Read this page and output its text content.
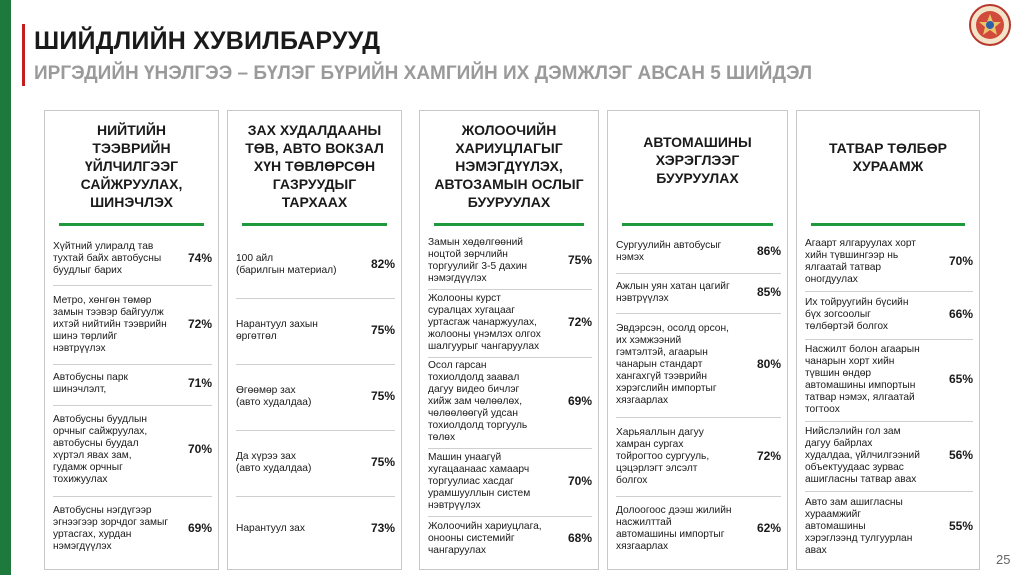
ШИЙДЛИЙН ХУВИЛБАРУУД
ИРГЭДИЙН ҮНЭЛГЭЭ – БҮЛЭГ БҮРИЙН ХАМГИЙН ИХ ДЭМЖЛЭГ АВСАН 5 ШИЙДЭЛ
НИЙТИЙН
ТЭЭВРИЙН
ҮЙЛЧИЛГЭЭГ
САЙЖРУУЛАХ,
ШИНЭЧЛЭХ
Хүйтний улиралд тав
тухтай байх автобусны
буудлыг барих
74%
Метро, хөнгөн төмөр
замын тээвэр байгуулж
ихтэй нийтийн тээврийн
шинэ төрлийг
нэвтрүүлэх
72%
Автобусны парк
шинэчлэлт,	71%
Автобусны буудлын
орчныг сайжруулах,
автобусны буудал
хүртэл явах зам,
гудамж орчныг
тохижуулах
70%
Автобусны нэгдүгээр
эгнээгээр зорчдог замыг
уртасгах, хурдан
нэмэгдүүлэх
69%
ЗАХ ХУДАЛДААНЫ
ТӨВ, АВТО ВОКЗАЛ
ХҮН ТӨВЛӨРСӨН
ГАЗРУУДЫГ
ТАРХААХ
100 айл
(барилгын материал)	82%
Нарантуул захын
өргөтгөл	75%
Өгөөмөр зах
(авто худалдаа)	75%
Да хүрээ зах
(авто худалдаа)	75%
Нарантуул зах	73%
ЖОЛООЧИЙН
ХАРИУЦЛАГЫГ
НЭМЭГДҮҮЛЭХ,
АВТОЗАМЫН ОСЛЫГ
БУУРУУЛАХ
Замын хөдөлгөөний
ноцтой зөрчлийн
торгуулийг 3-5 дахин
нэмэгдүүлэх
75%
Жолооны курст
суралцах хугацааг
уртасгаж чанаржуулах,
жолооны үнэмлэх олгох
шалгуурыг чангаруулах
72%
Осол гарсан
тохиолдолд заавал
дагуу видео бичлэг
хийж зам чөлөөлөх,
чөлөөлөөгүй удсан
тохиолдолд торгууль
төлөх
69%
Машин унаагүй
хугацаанаас хамаарч
торгуулиас хасдаг
урамшууллын систем
нэвтрүүлэх
70%
Жолоочийн хариуцлага,
онооны системийг
чангаруулах
68%
АВТОМАШИНЫ
ХЭРЭГЛЭЭГ
БУУРУУЛАХ
Сургуулийн автобусыг
нэмэх	86%
Ажлын уян хатан цагийг
нэвтрүүлэх	85%
Эвдэрсэн, осолд орсон,
их хэмжээний
гэмтэлтэй, агаарын
чанарын стандарт
хангахгүй тээврийн
хэрэгслийн импортыг
хязгаарлах
80%
Харьяаллын дагуу
хамран сургах
тойрогтоо сургууль,
цэцэрлэгт элсэлт
болгох
72%
Долоогоос дээш жилийн
насжилттай
автомашины импортыг
хязгаарлах
62%
ТАТВАР ТӨЛБӨР
ХУРААМЖ
Агаарт ялгаруулах хорт
хийн түвшингээр нь
ялгаатай татвар
оногдуулах
70%
Их тойруугийн бүсийн
бүх зогсоолыг
төлбөртэй болгох
66%
Насжилт болон агаарын
чанарын хорт хийн
түвшин өндөр
автомашины импортын
татвар нэмэх, ялгаатай
тогтоох
65%
Нийслэлийн гол зам
дагуу байрлах
худалдаа, үйлчилгээний
объектуудаас зурвас
ашигласны татвар авах
56%
Авто зам ашигласны
хураамжийг
автомашины
хэрэглээнд тулгуурлан
авах
55%
25
